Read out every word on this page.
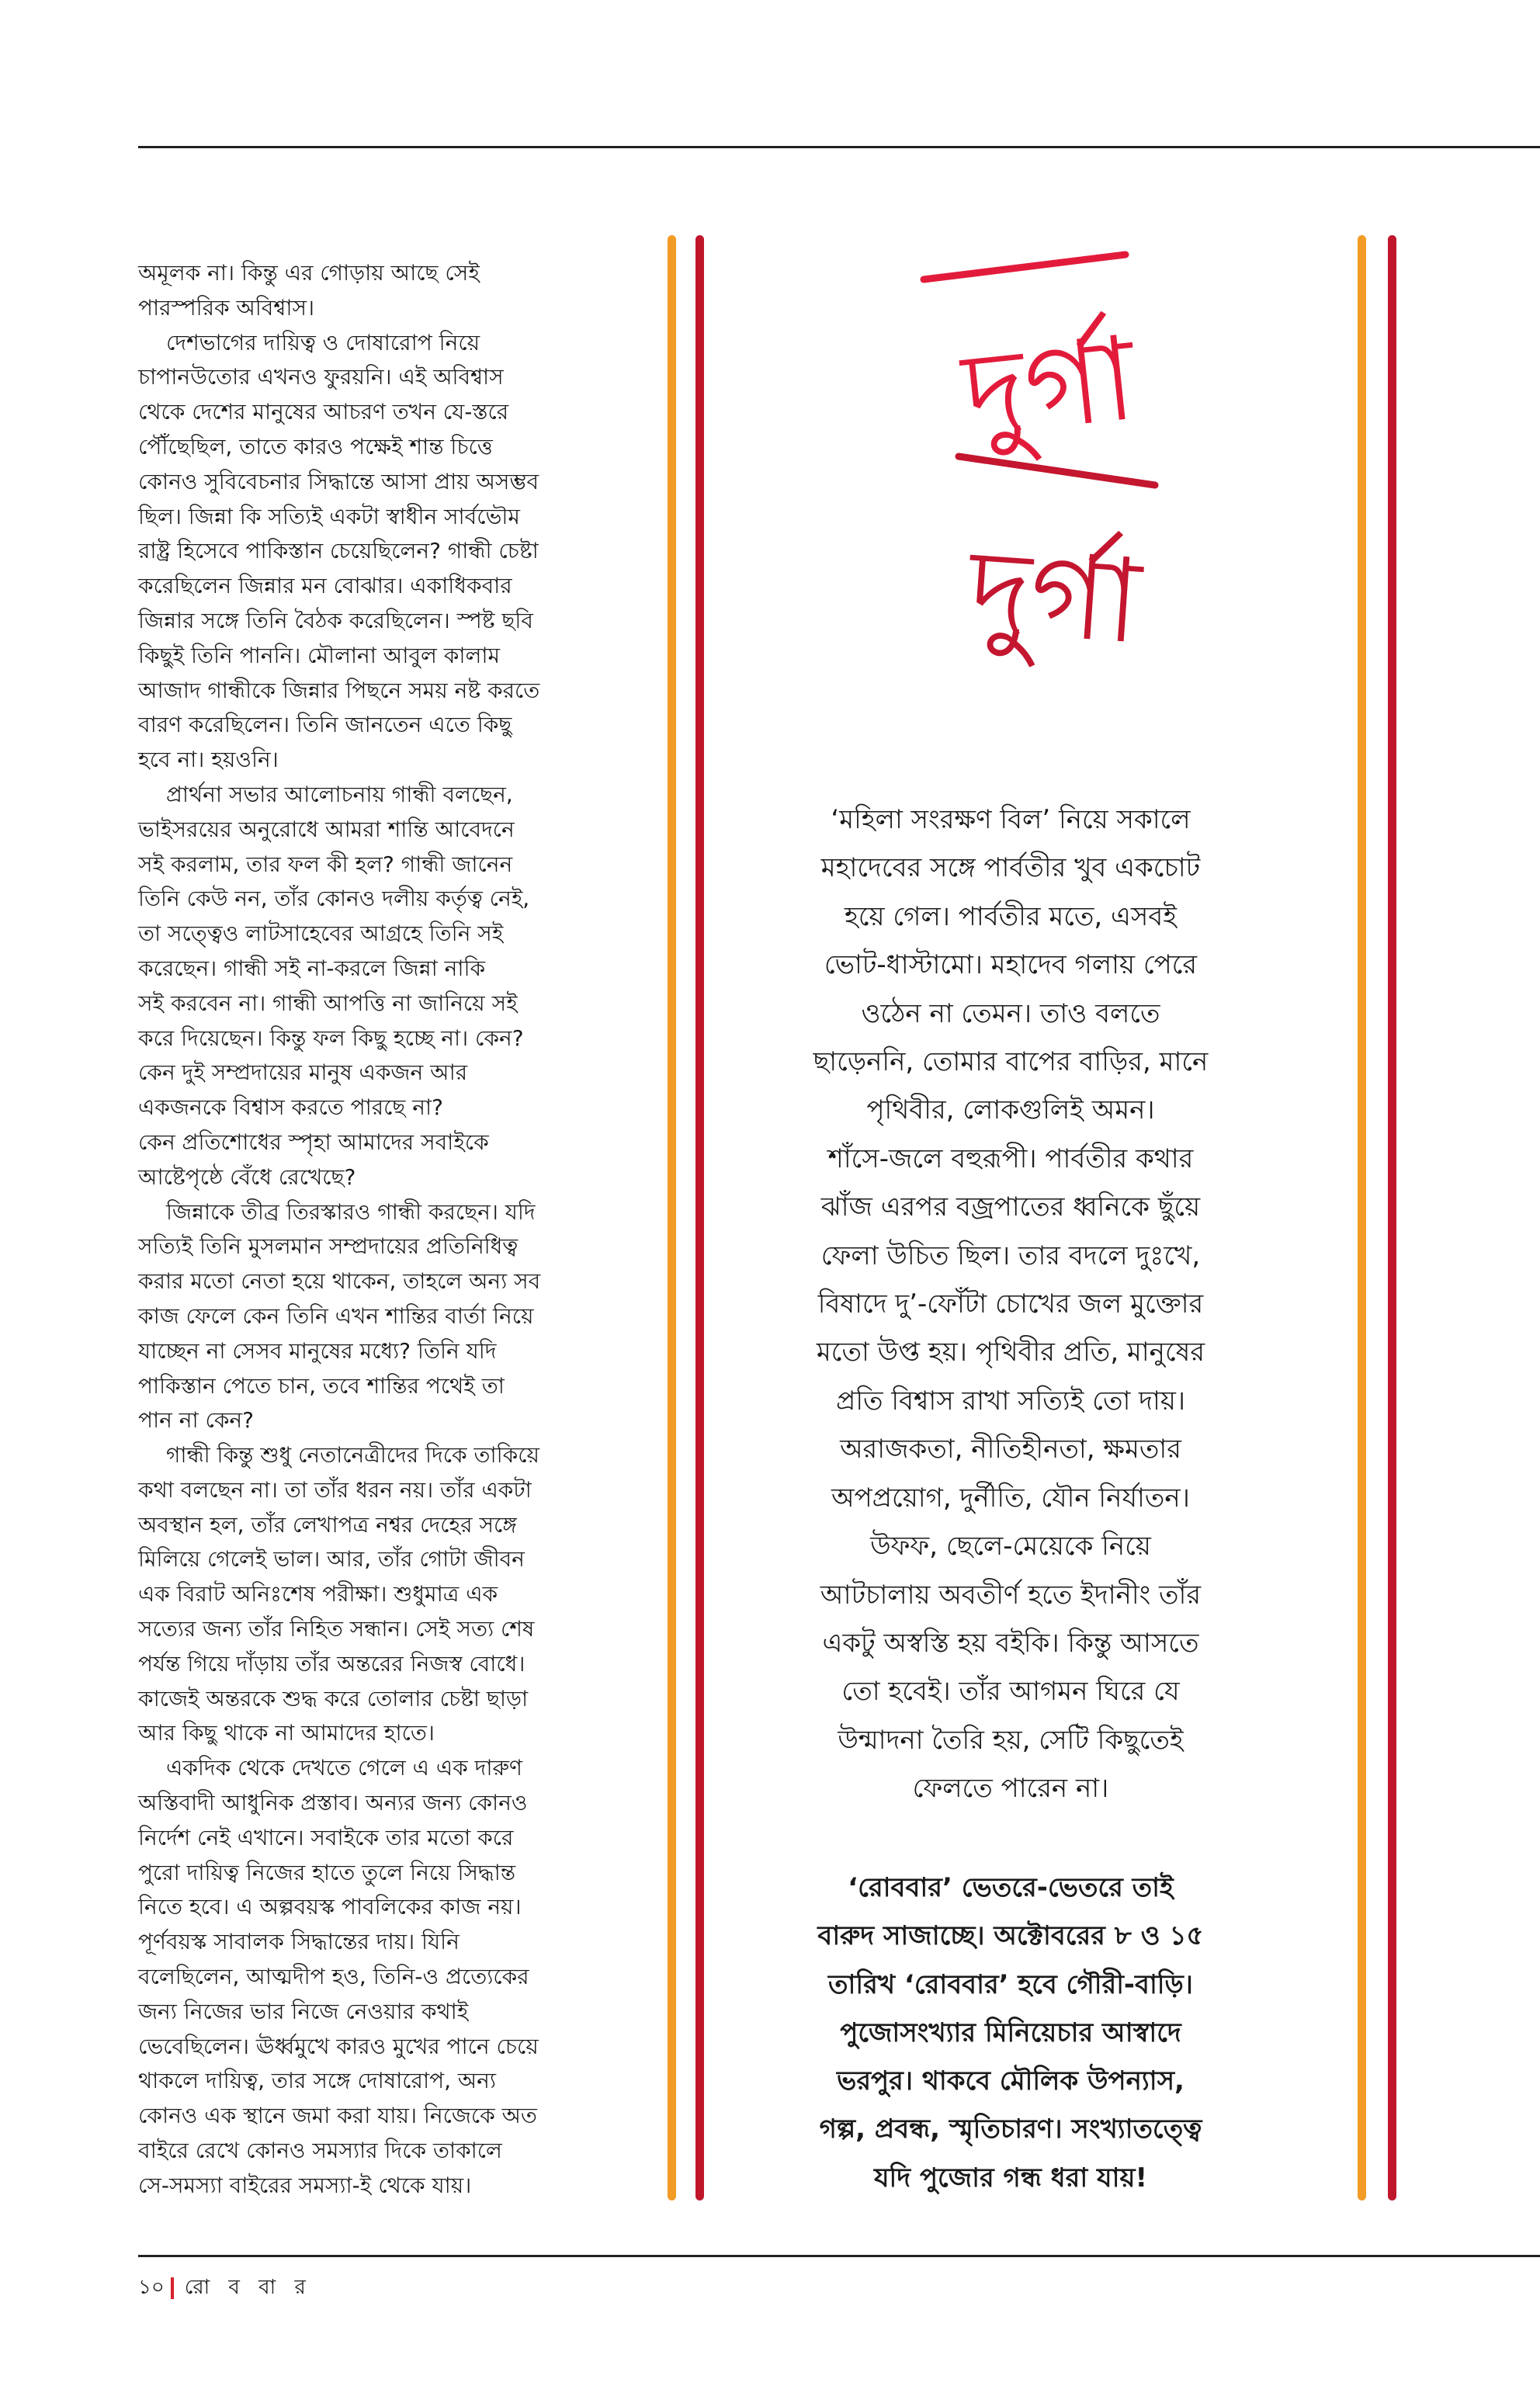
অমূলক না। কিন্তু এর গোড়ায় আছে সেই
পারস্পরিক অবিশ্বাস।
দেশভাগের দায়িত্ব ও দোষারোপ নিয়ে
চাপানউতোর এখনও ফুরয়নি। এই অবিশ্বাস
থেকে দেশের মানুষের আচরণ তখন যে-স্তরে
পৌঁছেছিল, তাতে কারও পক্ষেই শান্ত চিত্তে
কোনও সুবিবেচনার সিদ্ধান্তে আসা প্রায় অসম্ভব
ছিল। জিন্না কি সত্যিই একটা স্বাধীন সার্বভৌম
রাষ্ট্র হিসেবে পাকিস্তান চেয়েছিলেন? গান্ধী চেষ্টা
করেছিলেন জিন্নার মন বোঝার। একাধিকবার
জিন্নার সঙ্গে তিনি বৈঠক করেছিলেন। স্পষ্ট ছবি
কিছুই তিনি পাননি। মৌলানা আবুল কালাম
আজাদ গান্ধীকে জিন্নার পিছনে সময় নষ্ট করতে
বারণ করেছিলেন। তিনি জানতেন এতে কিছু
হবে না। হয়ওনি।
প্রার্থনা সভার আলোচনায় গান্ধী বলছেন,
ভাইসরয়ের অনুরোধে আমরা শান্তি আবেদনে
সই করলাম, তার ফল কী হল? গান্ধী জানেন
তিনি কেউ নন, তাঁর কোনও দলীয় কর্তৃত্ব নেই,
তা সত্ত্বেও লাটসাহেবের আগ্রহে তিনি সই
করেছেন। গান্ধী সই না-করলে জিন্না নাকি
সই করবেন না। গান্ধী আপত্তি না জানিয়ে সই
করে দিয়েছেন। কিন্তু ফল কিছু হচ্ছে না। কেন?
কেন দুই সম্প্রদায়ের মানুষ একজন আর
একজনকে বিশ্বাস করতে পারছে না?
কেন প্রতিশোধের স্পৃহা আমাদের সবাইকে
আষ্টেপৃষ্ঠে বেঁধে রেখেছে?
জিন্নাকে তীব্র তিরস্কারও গান্ধী করছেন। যদি
সত্যিই তিনি মুসলমান সম্প্রদায়ের প্রতিনিধিত্ব
করার মতো নেতা হয়ে থাকেন, তাহলে অন্য সব
কাজ ফেলে কেন তিনি এখন শান্তির বার্তা নিয়ে
যাচ্ছেন না সেসব মানুষের মধ্যে? তিনি যদি
পাকিস্তান পেতে চান, তবে শান্তির পথেই তা
পান না কেন?
গান্ধী কিন্তু শুধু নেতানেত্রীদের দিকে তাকিয়ে
কথা বলছেন না। তা তাঁর ধরন নয়। তাঁর একটা
অবস্থান হল, তাঁর লেখাপত্র নশ্বর দেহের সঙ্গে
মিলিয়ে গেলেই ভাল। আর, তাঁর গোটা জীবন
এক বিরাট অনিঃশেষ পরীক্ষা। শুধুমাত্র এক
সত্যের জন্য তাঁর নিহিত সন্ধান। সেই সত্য শেষ
পর্যন্ত গিয়ে দাঁড়ায় তাঁর অন্তরের নিজস্ব বোধে।
কাজেই অন্তরকে শুদ্ধ করে তোলার চেষ্টা ছাড়া
আর কিছু থাকে না আমাদের হাতে।
একদিক থেকে দেখতে গেলে এ এক দারুণ
অস্তিবাদী আধুনিক প্রস্তাব। অন্যর জন্য কোনও
নির্দেশ নেই এখানে। সবাইকে তার মতো করে
পুরো দায়িত্ব নিজের হাতে তুলে নিয়ে সিদ্ধান্ত
নিতে হবে। এ অল্পবয়স্ক পাবলিকের কাজ নয়।
পূর্ণবয়স্ক সাবালক সিদ্ধান্তের দায়। যিনি
বলেছিলেন, আত্মদীপ হও, তিনি-ও প্রত্যেকের
জন্য নিজের ভার নিজে নেওয়ার কথাই
ভেবেছিলেন। ঊর্ধ্বমুখে কারও মুখের পানে চেয়ে
থাকলে দায়িত্ব, তার সঙ্গে দোষারোপ, অন্য
কোনও এক স্থানে জমা করা যায়। নিজেকে অত
বাইরে রেখে কোনও সমস্যার দিকে তাকালে
সে-সমস্যা বাইরের সমস্যা-ই থেকে যায়।
দুর্গা
দুর্গা
‘মহিলা সংরক্ষণ বিল’ নিয়ে সকালে
মহাদেবের সঙ্গে পার্বতীর খুব একচোট
হয়ে গেল। পার্বতীর মতে, এসবই
ভোট-ধাস্টামো। মহাদেব গলায় পেরে
ওঠেন না তেমন। তাও বলতে
ছাড়েননি, তোমার বাপের বাড়ির, মানে
পৃথিবীর, লোকগুলিই অমন।
শাঁসে-জলে বহুরূপী। পার্বতীর কথার
ঝাঁজ এরপর বজ্রপাতের ধ্বনিকে ছুঁয়ে
ফেলা উচিত ছিল। তার বদলে দুঃখে,
বিষাদে দু’-ফোঁটা চোখের জল মুক্তোর
মতো উপ্ত হয়। পৃথিবীর প্রতি, মানুষের
প্রতি বিশ্বাস রাখা সত্যিই তো দায়।
অরাজকতা, নীতিহীনতা, ক্ষমতার
অপপ্রয়োগ, দুর্নীতি, যৌন নির্যাতন।
উফফ, ছেলে-মেয়েকে নিয়ে
আটচালায় অবতীর্ণ হতে ইদানীং তাঁর
একটু অস্বস্তি হয় বইকি। কিন্তু আসতে
তো হবেই। তাঁর আগমন ঘিরে যে
উন্মাদনা তৈরি হয়, সেটি কিছুতেই
ফেলতে পারেন না।
‘রোববার’ ভেতরে-ভেতরে তাই
বারুদ সাজাচ্ছে। অক্টোবরের ৮ ও ১৫
তারিখ ‘রোববার’ হবে গৌরী-বাড়ি।
পুজোসংখ্যার মিনিয়েচার আস্বাদে
ভরপুর। থাকবে মৌলিক উপন্যাস,
গল্প, প্রবন্ধ, স্মৃতিচারণ। সংখ্যাতত্ত্বে
যদি পুজোর গন্ধ ধরা যায়!
১০ রো ব বা র
